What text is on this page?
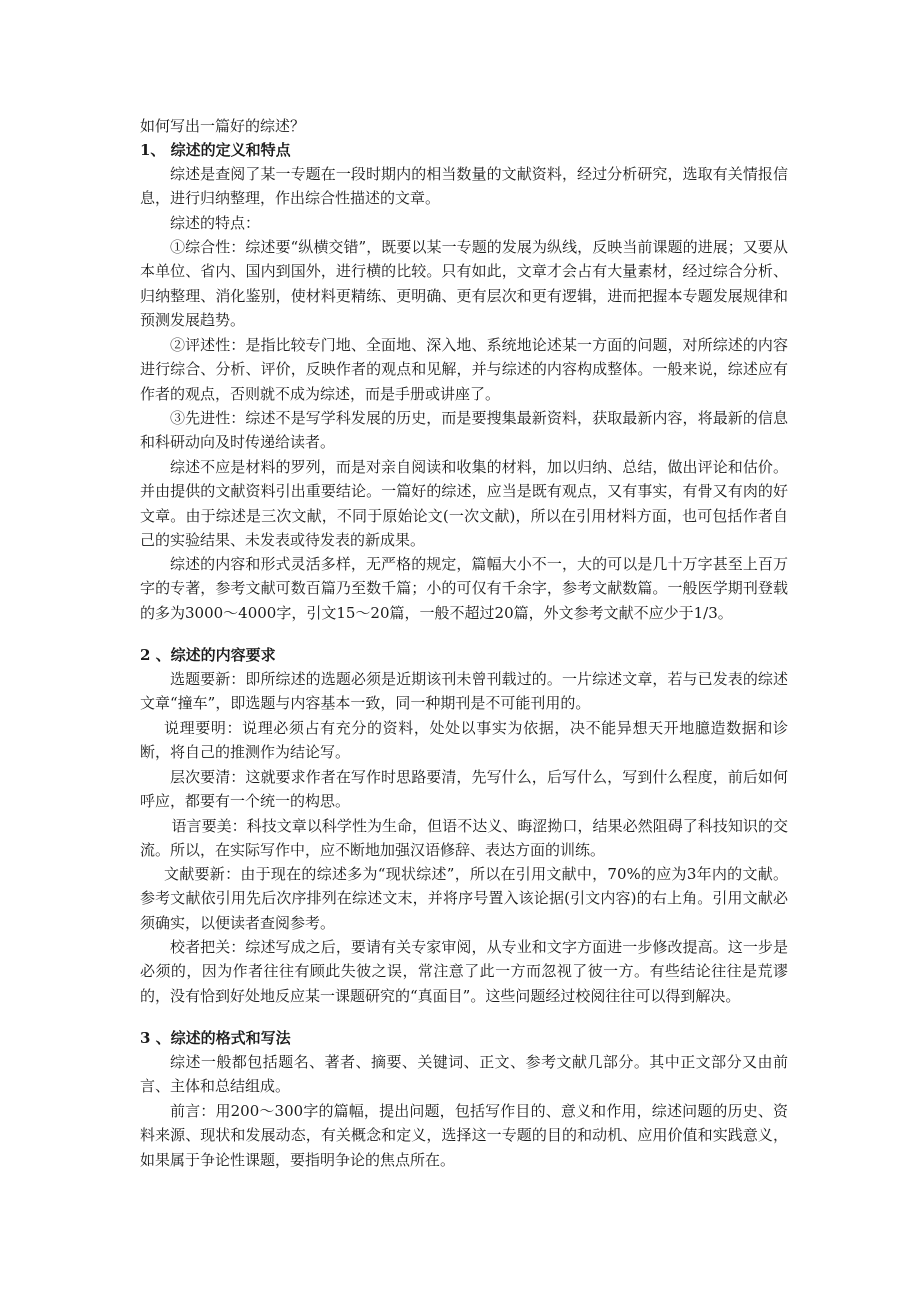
如何写出一篇好的综述？
1、 综述的定义和特点

综述是查阅了某一专题在一段时期内的相当数量的文献资料，经过分析研究，选取有关情报信息，进行归纳整理，作出综合性描述的文章。

综述的特点：

①综合性：综述要“纵横交错”，既要以某一专题的发展为纵线，反映当前课题的进展；又要从本单位、省内、国内到国外，进行横的比较。只有如此，文章才会占有大量素材，经过综合分析、归纳整理、消化鉴别，使材料更精练、更明确、更有层次和更有逻辑，进而把握本专题发展规律和预测发展趋势。

②评述性：是指比较专门地、全面地、深入地、系统地论述某一方面的问题，对所综述的内容进行综合、分析、评价，反映作者的观点和见解，并与综述的内容构成整体。一般来说，综述应有作者的观点，否则就不成为综述，而是手册或讲座了。

③先进性：综述不是写学科发展的历史，而是要搜集最新资料，获取最新内容，将最新的信息和科研动向及时传递给读者。

综述不应是材料的罗列，而是对亲自阅读和收集的材料，加以归纳、总结，做出评论和估价。并由提供的文献资料引出重要结论。一篇好的综述，应当是既有观点，又有事实，有骨又有肉的好文章。由于综述是三次文献，不同于原始论文(一次文献)，所以在引用材料方面，也可包括作者自己的实验结果、未发表或待发表的新成果。

综述的内容和形式灵活多样，无严格的规定，篇幅大小不一，大的可以是几十万字甚至上百万字的专著，参考文献可数百篇乃至数千篇；小的可仅有千余字，参考文献数篇。一般医学期刊登载的多为3000～4000字，引文15～20篇，一般不超过20篇，外文参考文献不应少于1/3。

2 、综述的内容要求

选题要新：即所综述的选题必须是近期该刊未曾刊载过的。一片综述文章，若与已发表的综述文章“撞车”，即选题与内容基本一致，同一种期刊是不可能刊用的。

说理要明：说理必须占有充分的资料，处处以事实为依据，决不能异想天开地臆造数据和诊断，将自己的推测作为结论写。

层次要清：这就要求作者在写作时思路要清，先写什么，后写什么，写到什么程度，前后如何呼应，都要有一个统一的构思。

语言要美：科技文章以科学性为生命，但语不达义、晦涩拗口，结果必然阻碍了科技知识的交流。所以，在实际写作中，应不断地加强汉语修辞、表达方面的训练。

文献要新：由于现在的综述多为“现状综述”，所以在引用文献中，70%的应为3年内的文献。参考文献依引用先后次序排列在综述文末，并将序号置入该论据(引文内容)的右上角。引用文献必须确实，以便读者查阅参考。

校者把关：综述写成之后，要请有关专家审阅，从专业和文字方面进一步修改提高。这一步是必须的，因为作者往往有顾此失彼之误，常注意了此一方而忽视了彼一方。有些结论往往是荒谬的，没有恰到好处地反应某一课题研究的“真面目”。这些问题经过校阅往往可以得到解决。

3 、综述的格式和写法

综述一般都包括题名、著者、摘要、关键词、正文、参考文献几部分。其中正文部分又由前言、主体和总结组成。

前言：用200～300字的篇幅，提出问题，包括写作目的、意义和作用，综述问题的历史、资料来源、现状和发展动态，有关概念和定义，选择这一专题的目的和动机、应用价值和实践意义，如果属于争论性课题，要指明争论的焦点所在。
